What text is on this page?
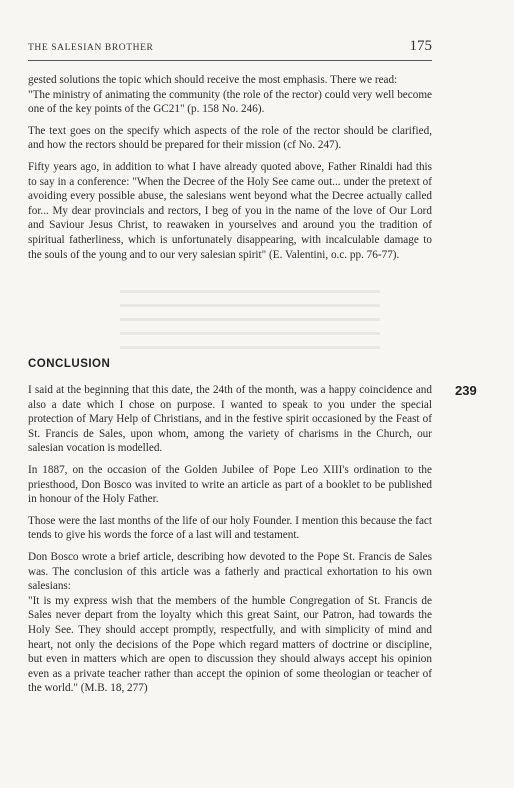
THE SALESIAN BROTHER	175

gested solutions the topic which should receive the most emphasis. There we read:

"The ministry of animating the community (the role of the rector) could very well become one of the key points of the GC21" (p. 158 No. 246).

The text goes on the specify which aspects of the role of the rector should be clarified, and how the rectors should be prepared for their mission (cf No. 247).

Fifty years ago, in addition to what I have already quoted above, Father Rinaldi had this to say in a conference: "When the Decree of the Holy See came out... under the pretext of avoiding every possible abuse, the salesians went beyond what the Decree actually called for... My dear provincials and rectors, I beg of you in the name of the love of Our Lord and Saviour Jesus Christ, to reawaken in yourselves and around you the tradition of spiritual fatherliness, which is unfortunately disappearing, with incalculable damage to the souls of the young and to our very salesian spirit" (E. Valentini, o.c. pp. 76-77).

CONCLUSION
239

I said at the beginning that this date, the 24th of the month, was a happy coincidence and also a date which I chose on purpose. I wanted to speak to you under the special protection of Mary Help of Christians, and in the festive spirit occasioned by the Feast of St. Francis de Sales, upon whom, among the variety of charisms in the Church, our salesian vocation is modelled.

In 1887, on the occasion of the Golden Jubilee of Pope Leo XIII's ordination to the priesthood, Don Bosco was invited to write an article as part of a booklet to be published in honour of the Holy Father.

Those were the last months of the life of our holy Founder. I mention this because the fact tends to give his words the force of a last will and testament.

Don Bosco wrote a brief article, describing how devoted to the Pope St. Francis de Sales was. The conclusion of this article was a fatherly and practical exhortation to his own salesians:

"It is my express wish that the members of the humble Congregation of St. Francis de Sales never depart from the loyalty which this great Saint, our Patron, had towards the Holy See. They should accept promptly, respectfully, and with simplicity of mind and heart, not only the decisions of the Pope which regard matters of doctrine or discipline, but even in matters which are open to discussion they should always accept his opinion even as a private teacher rather than accept the opinion of some theologian or teacher of the world." (M.B. 18, 277)
